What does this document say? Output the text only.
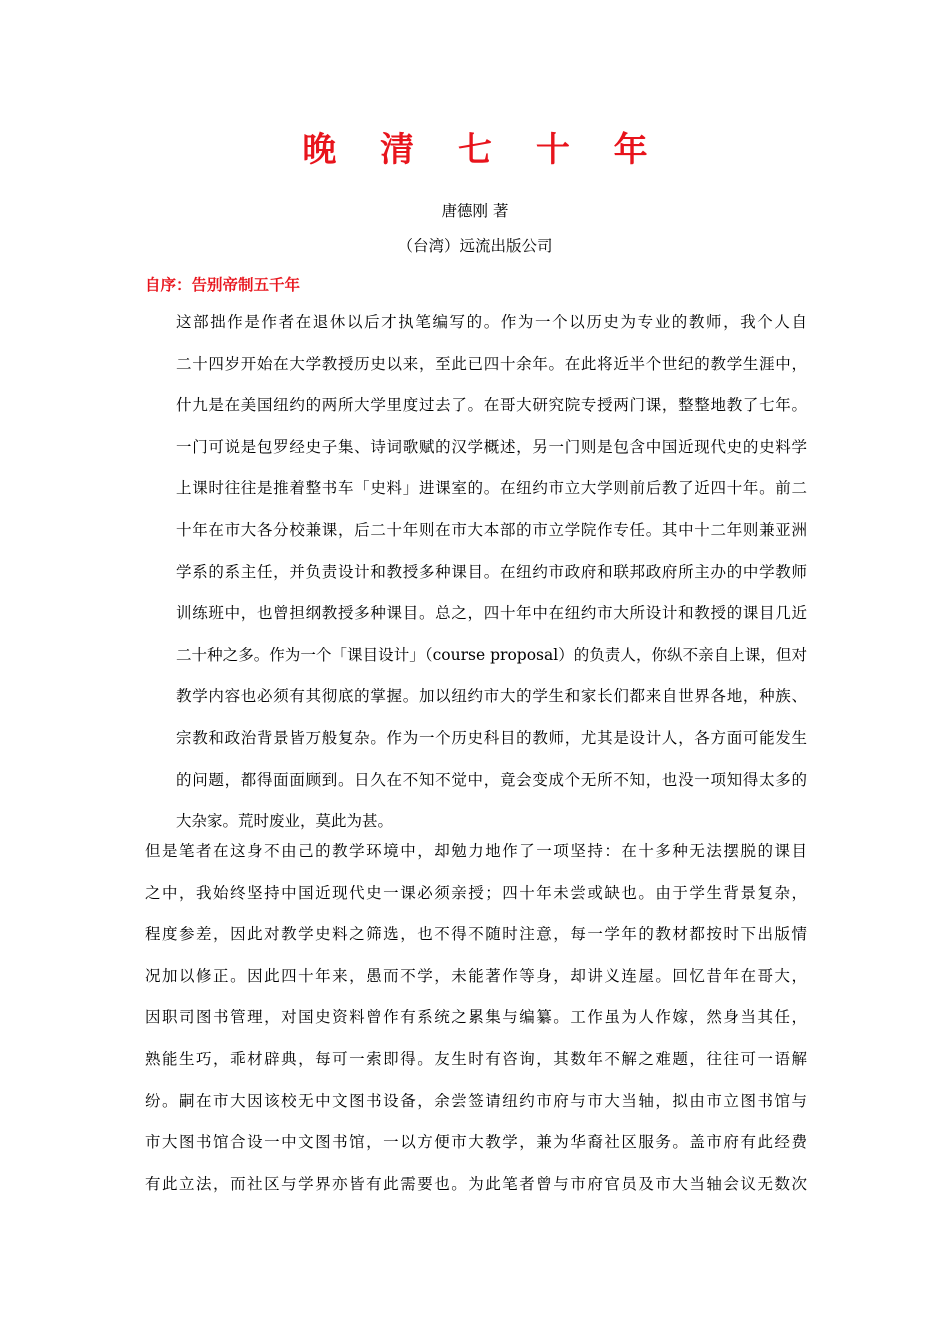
晚 清 七 十 年
唐德刚 著
（台湾）远流出版公司
自序：告别帝制五千年
这部拙作是作者在退休以后才执笔编写的。作为一个以历史为专业的教师，我个人自
二十四岁开始在大学教授历史以来，至此已四十余年。在此将近半个世纪的教学生涯中，
什九是在美国纽约的两所大学里度过去了。在哥大研究院专授两门课，整整地教了七年。
一门可说是包罗经史子集、诗词歌赋的汉学概述，另一门则是包含中国近现代史的史料学
上课时往往是推着整书车「史料」进课室的。在纽约市立大学则前后教了近四十年。前二
十年在市大各分校兼课，后二十年则在市大本部的市立学院作专任。其中十二年则兼亚洲
学系的系主任，并负责设计和教授多种课目。在纽约市政府和联邦政府所主办的中学教师
训练班中，也曾担纲教授多种课目。总之，四十年中在纽约市大所设计和教授的课目几近
二十种之多。作为一个「课目设计」（course proposal）的负责人，你纵不亲自上课，但对
教学内容也必须有其彻底的掌握。加以纽约市大的学生和家长们都来自世界各地，种族、
宗教和政治背景皆万般复杂。作为一个历史科目的教师，尤其是设计人，各方面可能发生
的问题，都得面面顾到。日久在不知不觉中，竟会变成个无所不知，也没一项知得太多的
大杂家。荒时废业，莫此为甚。
但是笔者在这身不由己的教学环境中，却勉力地作了一项坚持：在十多种无法摆脱的课目
之中，我始终坚持中国近现代史一课必须亲授；四十年未尝或缺也。由于学生背景复杂，
程度参差，因此对教学史料之筛选，也不得不随时注意，每一学年的教材都按时下出版情
况加以修正。因此四十年来，愚而不学，未能著作等身，却讲义连屋。回忆昔年在哥大，
因职司图书管理，对国史资料曾作有系统之累集与编纂。工作虽为人作嫁，然身当其任，
熟能生巧，乖材辟典，每可一索即得。友生时有咨询，其数年不解之难题，往往可一语解
纷。嗣在市大因该校无中文图书设备，余尝签请纽约市府与市大当轴，拟由市立图书馆与
市大图书馆合设一中文图书馆，一以方便市大教学，兼为华裔社区服务。盖市府有此经费
有此立法，而社区与学界亦皆有此需要也。为此笔者曾与市府官员及市大当轴会议无数次
